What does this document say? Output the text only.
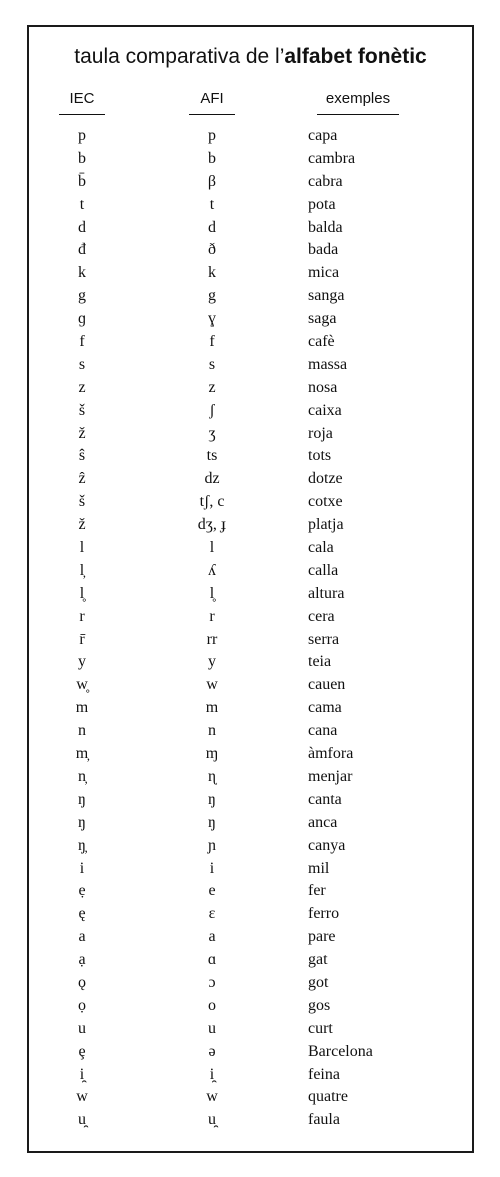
taula comparativa de l’alfabet fonètic
IEC	AFI	exemples
p	p	capa
b	b	cambra
b̄	β	cabra
t	t	pota
d	d	balda
đ	ð	bada
k	k	mica
g	g	sanga
ɡ	ɣ	saga
f	f	cafè
s	s	massa
z	z	nosa
š	ʃ	caixa
ž	ʒ	roja
ŝ	ts	tots
ẑ	dz	dotze
š	tʃ, c	cotxe
ž	dʒ, ɟ	platja
l	l	cala
l̦	ʎ	calla
l̥	l̥	altura
r	r	cera
r̄	rr	serra
y	y	teia
w̥	w	cauen
m	m	cama
n	n	cana
m̦	ɱ	àmfora
n̦	ɳ	menjar
ŋ	ŋ	canta
ŋ	ŋ	anca
ŋ̦	ɲ	canya
i	i	mil
ẹ	e	fer
ę	ɛ	ferro
a	a	pare
ạ	ɑ	gat
ǫ	ɔ	got
ọ	o	gos
u	u	curt
ȩ	ə	Barcelona
i̯	i̯	feina
w	w	quatre
u̯	u̯	faula
